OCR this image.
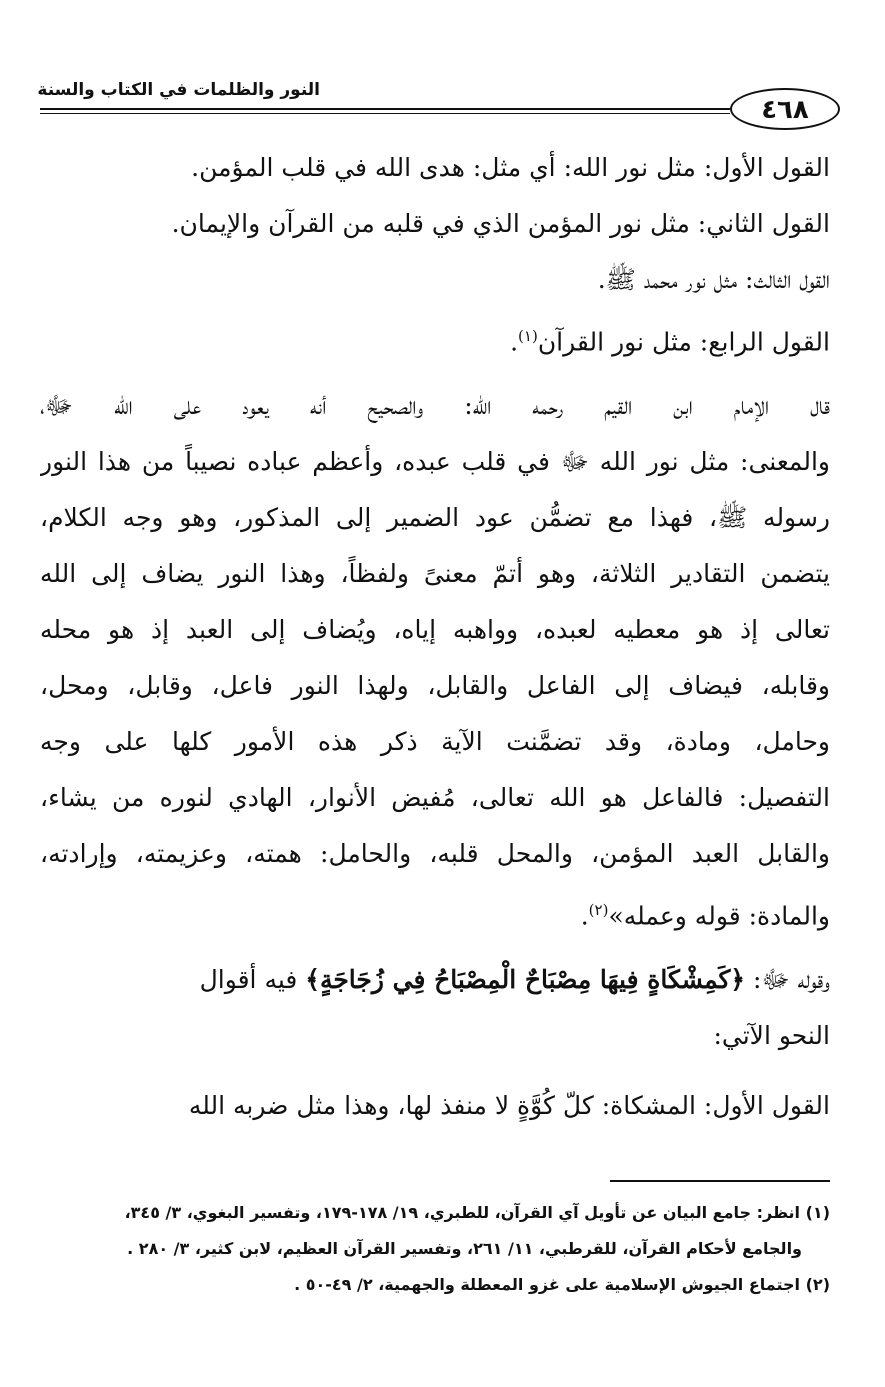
النور والظلمات في الكتاب والسنة
٤٦٨
القول الأول: مثل نور الله: أي مثل: هدى الله في قلب المؤمن.
القول الثاني: مثل نور المؤمن الذي في قلبه من القرآن والإيمان.
القول الثالث: مثل نور محمد ﷺ.
القول الرابع: مثل نور القرآن$^{(١)}$.
قال الإمام ابن القيم رحمه الله: والصحيح أنه يعود على الله ﷻ،
والمعنى: مثل نور الله ﷻ في قلب عبده، وأعظم عباده نصيباً من هذا النور
رسوله ﷺ، فهذا مع تضمُّن عود الضمير إلى المذكور، وهو وجه الكلام،
يتضمن التقادير الثلاثة، وهو أتمّ معنىً ولفظاً، وهذا النور يضاف إلى الله
تعالى إذ هو معطيه لعبده، وواهبه إياه، ويُضاف إلى العبد إذ هو محله
وقابله، فيضاف إلى الفاعل والقابل، ولهذا النور فاعل، وقابل، ومحل،
وحامل، ومادة، وقد تضمَّنت الآية ذكر هذه الأمور كلها على وجه
التفصيل: فالفاعل هو الله تعالى، مُفيض الأنوار، الهادي لنوره من يشاء،
والقابل العبد المؤمن، والمحل قلبه، والحامل: همته، وعزيمته، وإرادته،
والمادة: قوله وعمله»$^{(٢)}$.
وقوله ﷻ: ﴿كَمِشْكَاةٍ فِيهَا مِصْبَاحٌ الْمِصْبَاحُ فِي زُجَاجَةٍ﴾ فيه أقوال
النحو الآتي:
القول الأول: المشكاة: كلّ كُوَّةٍ لا منفذ لها، وهذا مثل ضربه الله
(١) انظر: جامع البيان عن تأويل آي القرآن، للطبري، ١٩/ ١٧٨-١٧٩، وتفسير البغوي، ٣/ ٣٤٥،
والجامع لأحكام القرآن، للقرطبي، ١١/ ٢٦١، وتفسير القرآن العظيم، لابن كثير، ٣/ ٢٨٠ .
(٢) اجتماع الجيوش الإسلامية على غزو المعطلة والجهمية، ٢/ ٤٩-٥٠ .
